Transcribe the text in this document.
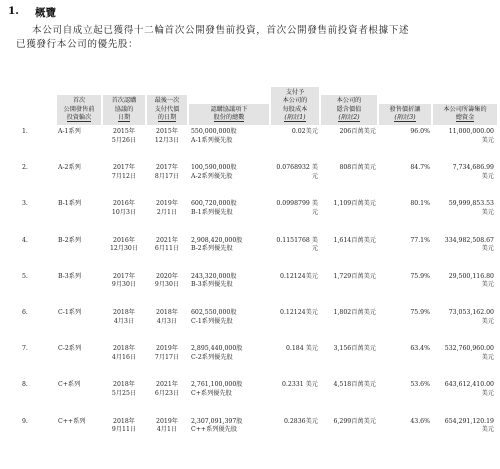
1. 概覽

本公司自成立起已獲得十二輪首次公開發售前投資，首次公開發售前投資者根據下述

已獲發行本公司的優先股：

	首次
公開發售前
投資輪次	首次認購
協議的
日期	最後一次
支付代價
的日期	認購協議項下
股份的總數	支付予
本公司的
每股成本
(附註1)	本公司的
隱含價值
(附註2)	發售價折讓
(附註3)	本公司所籌集的
總資金

1.	A-1系列	2015年
5月26日	2015年
12月3日	550,000,000股
A-1系列優先股	0.02美元	206百萬美元	96.0%	11,000,000.00
美元
2.	A-2系列	2017年
7月12日	2017年
8月17日	100,590,000股
A-2系列優先股	0.0768932 美元	808百萬美元	84.7%	7,734,686.99
美元
3.	B-1系列	2016年
10月3日	2019年
2月1日	600,720,000股
B-1系列優先股	0.0998799 美元	1,109百萬美元	80.1%	59,999,853.53
美元
4.	B-2系列	2016年
12月30日	2021年
6月11日	2,908,420,000股
B-2系列優先股	0.1151768 美元	1,614百萬美元	77.1%	334,982,508.67
美元
5.	B-3系列	2017年
9月30日	2020年
9月30日	243,320,000股
B-3系列優先股	0.12124美元	1,729百萬美元	75.9%	29,500,116.80
美元
6.	C-1系列	2018年
4月3日	2018年
4月3日	602,550,000股
C-1系列優先股	0.12124美元	1,802百萬美元	75.9%	73,053,162.00
美元
7.	C-2系列	2018年
4月16日	2019年
7月17日	2,895,440,000股
C-2系列優先股	0.184 美元	3,156百萬美元	63.4%	532,760,960.00
美元
8.	C+系列	2018年
5月25日	2021年
6月23日	2,761,100,000股
C+系列優先股	0.2331 美元	4,518百萬美元	53.6%	643,612,410.00
美元
9.	C++系列	2018年
9月11日	2019年
4月1日	2,307,091,397股
C++系列優先股	0.2836美元	6,299百萬美元	43.6%	654,291,120.19
美元
